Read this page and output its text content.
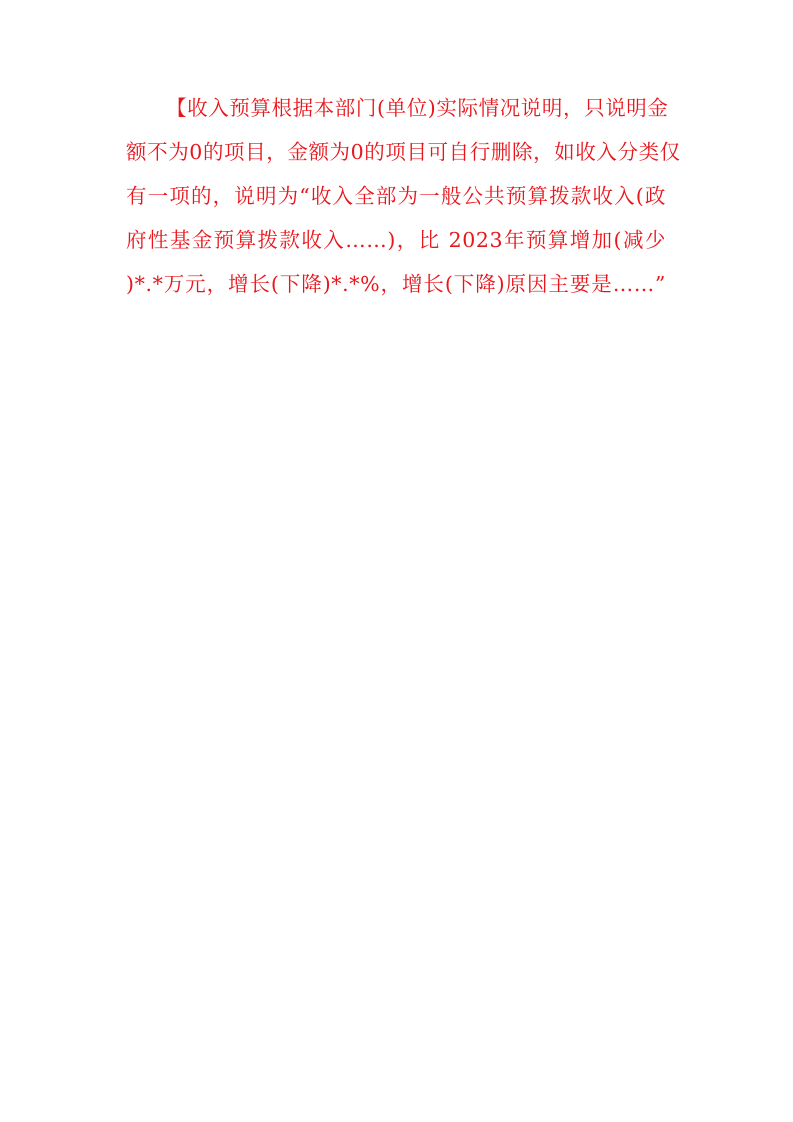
【收入预算根据本部门(单位)实际情况说明，只说明金
额不为0的项目，金额为0的项目可自行删除，如收入分类仅
有一项的，说明为“收入全部为一般公共预算拨款收入(政
府性基金预算拨款收入……)，比 2023年预算增加(减少
)*.*万元，增长(下降)*.*%，增长(下降)原因主要是……”
